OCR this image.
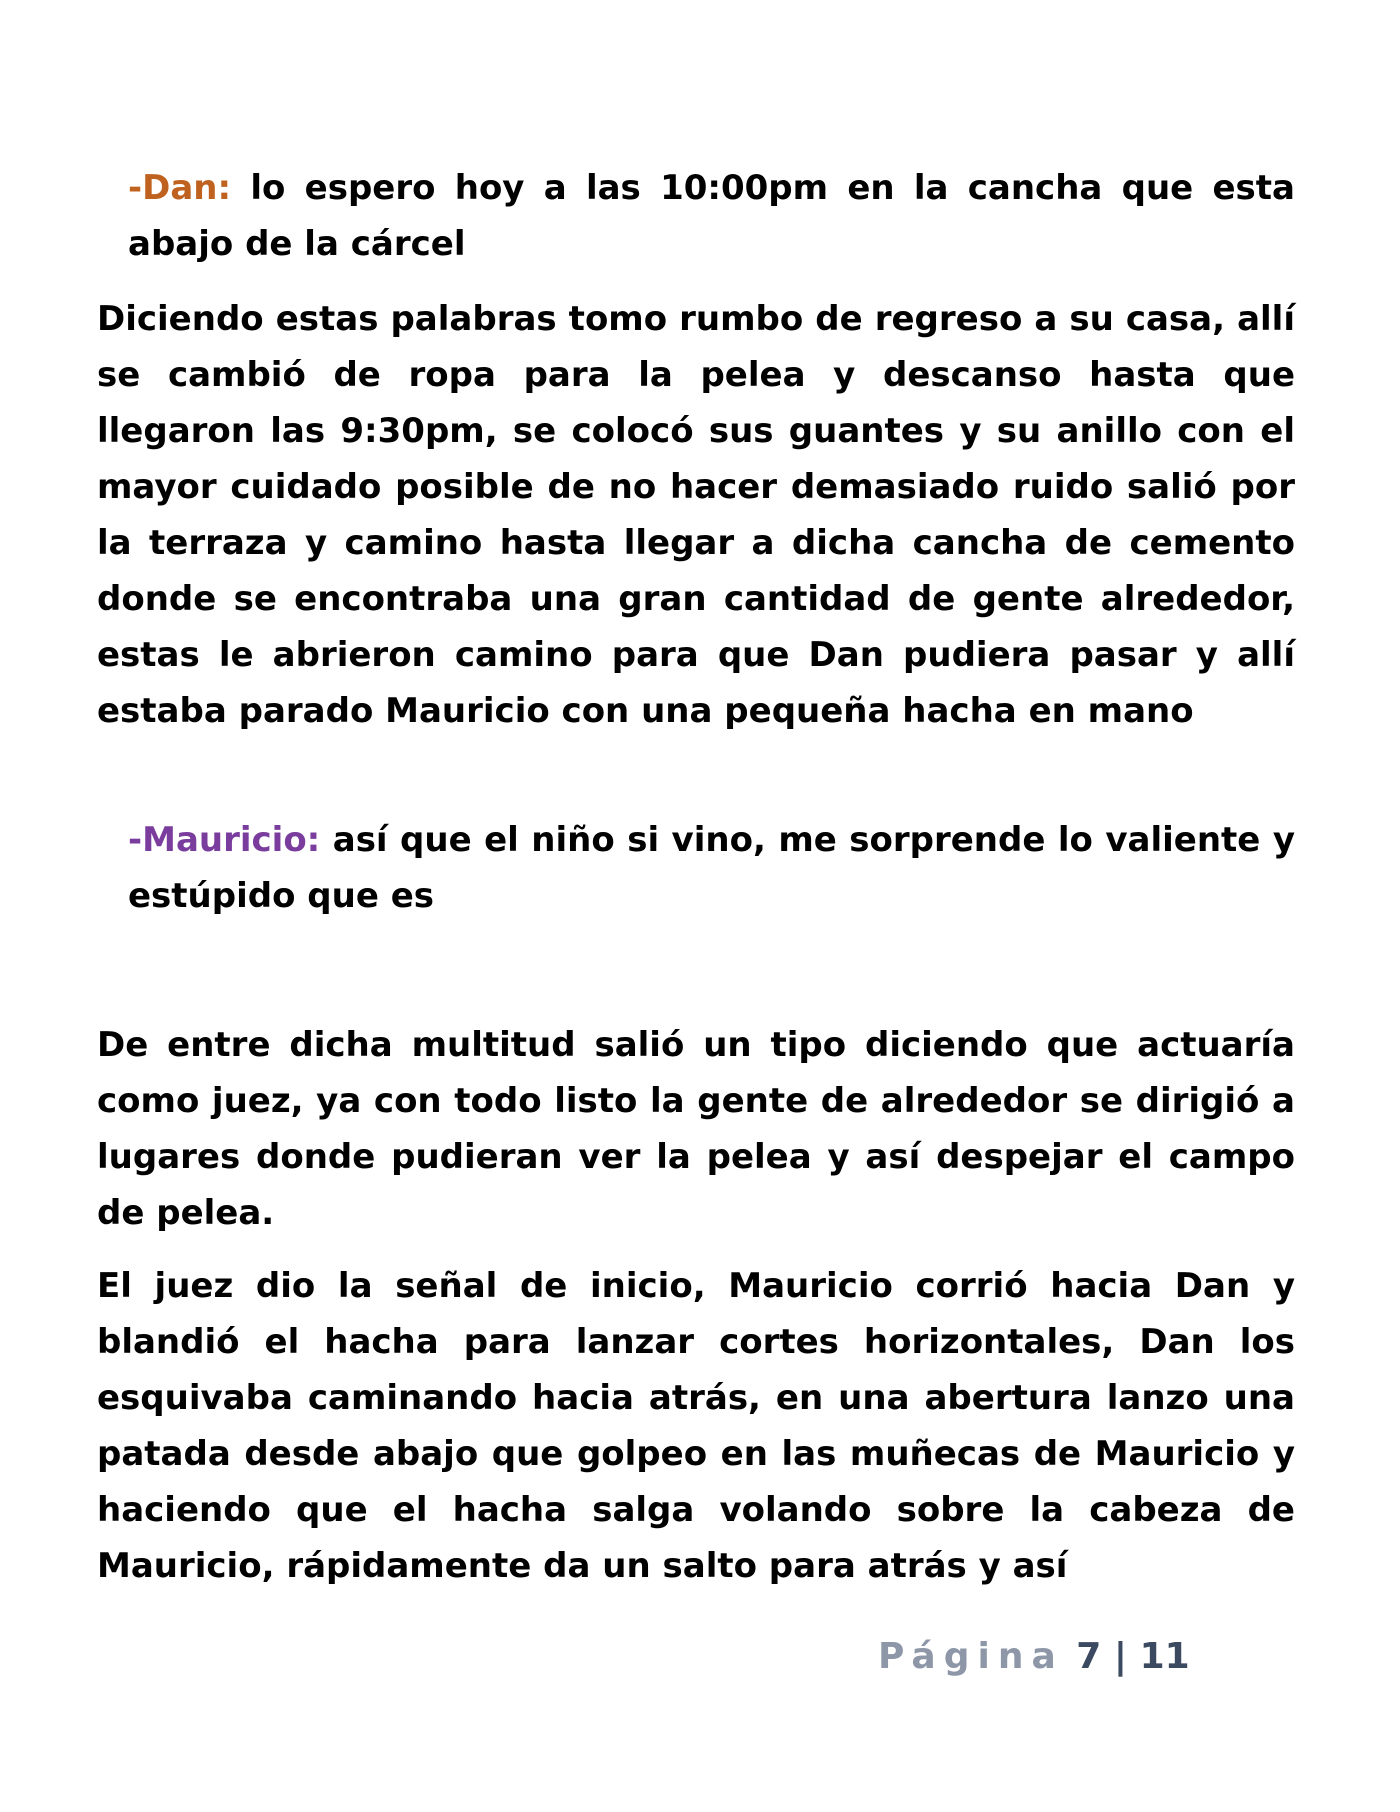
-Dan: lo espero hoy a las 10:00pm en la cancha que esta abajo de la cárcel

Diciendo estas palabras tomo rumbo de regreso a su casa, allí se cambió de ropa para la pelea y descanso hasta que llegaron las 9:30pm, se colocó sus guantes y su anillo con el mayor cuidado posible de no hacer demasiado ruido salió por la terraza y camino hasta llegar a dicha cancha de cemento donde se encontraba una gran cantidad de gente alrededor, estas le abrieron camino para que Dan pudiera pasar y allí estaba parado Mauricio con una pequeña hacha en mano

-Mauricio: así que el niño si vino, me sorprende lo valiente y estúpido que es

De entre dicha multitud salió un tipo diciendo que actuaría como juez, ya con todo listo la gente de alrededor se dirigió a lugares donde pudieran ver la pelea y así despejar el campo de pelea.

El juez dio la señal de inicio, Mauricio corrió hacia Dan y blandió el hacha para lanzar cortes horizontales, Dan los esquivaba caminando hacia atrás, en una abertura lanzo una patada desde abajo que golpeo en las muñecas de Mauricio y haciendo que el hacha salga volando sobre la cabeza de Mauricio, rápidamente da un salto para atrás y así

Página 7 | 11
